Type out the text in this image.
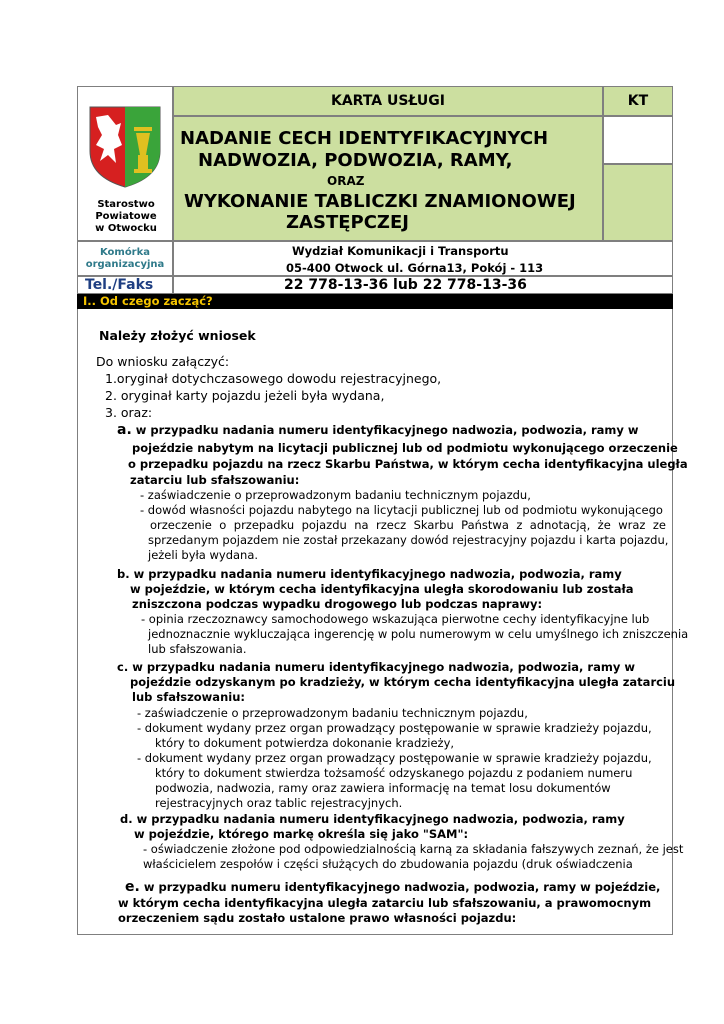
Starostwo
Powiatowe
w Otwocku
KARTA USŁUGI	KT
NADANIE CECH IDENTYFIKACYJNYCH
NADWOZIA, PODWOZIA, RAMY,
ORAZ
WYKONANIE TABLICZKI ZNAMIONOWEJ
ZASTĘPCZEJ
Komórka
organizacyjna
Wydział Komunikacji i Transportu
05-400 Otwock ul. Górna13, Pokój - 113
Tel./Faks	22 778-13-36 lub 22 778-13-36
I.. Od czego zacząć?
Należy złożyć wniosek
Do wniosku załączyć:
1.oryginał dotychczasowego dowodu rejestracyjnego,
2. oryginał karty pojazdu jeżeli była wydana,
3. oraz:
a. w przypadku nadania numeru identyfikacyjnego nadwozia, podwozia, ramy w
pojeździe nabytym na licytacji publicznej lub od podmiotu wykonującego orzeczenie
o przepadku pojazdu na rzecz Skarbu Państwa, w którym cecha identyfikacyjna uległa
zatarciu lub sfałszowaniu:
- zaświadczenie o przeprowadzonym badaniu technicznym pojazdu,
- dowód własności pojazdu nabytego na licytacji publicznej lub od podmiotu wykonującego
orzeczenie o przepadku pojazdu na rzecz Skarbu Państwa z adnotacją, że wraz ze
sprzedanym pojazdem nie został przekazany dowód rejestracyjny pojazdu i karta pojazdu,
jeżeli była wydana.
b. w przypadku nadania numeru identyfikacyjnego nadwozia, podwozia, ramy
w pojeździe, w którym cecha identyfikacyjna uległa skorodowaniu lub została
zniszczona podczas wypadku drogowego lub podczas naprawy:
- opinia rzeczoznawcy samochodowego wskazująca pierwotne cechy identyfikacyjne lub
jednoznacznie wykluczająca ingerencję w polu numerowym w celu umyślnego ich zniszczenia
lub sfałszowania.
c. w przypadku nadania numeru identyfikacyjnego nadwozia, podwozia, ramy w
pojeździe odzyskanym po kradzieży, w którym cecha identyfikacyjna uległa zatarciu
lub sfałszowaniu:
- zaświadczenie o przeprowadzonym badaniu technicznym pojazdu,
- dokument wydany przez organ prowadzący postępowanie w sprawie kradzieży pojazdu,
który to dokument potwierdza dokonanie kradzieży,
- dokument wydany przez organ prowadzący postępowanie w sprawie kradzieży pojazdu,
który to dokument stwierdza tożsamość odzyskanego pojazdu z podaniem numeru
podwozia, nadwozia, ramy oraz zawiera informację na temat losu dokumentów
rejestracyjnych oraz tablic rejestracyjnych.
d. w przypadku nadania numeru identyfikacyjnego nadwozia, podwozia, ramy
w pojeździe, którego markę określa się jako "SAM":
- oświadczenie złożone pod odpowiedzialnością karną za składania fałszywych zeznań, że jest
właścicielem zespołów i części służących do zbudowania pojazdu (druk oświadczenia
e. w przypadku numeru identyfikacyjnego nadwozia, podwozia, ramy w pojeździe,
w którym cecha identyfikacyjna uległa zatarciu lub sfałszowaniu, a prawomocnym
orzeczeniem sądu zostało ustalone prawo własności pojazdu:
